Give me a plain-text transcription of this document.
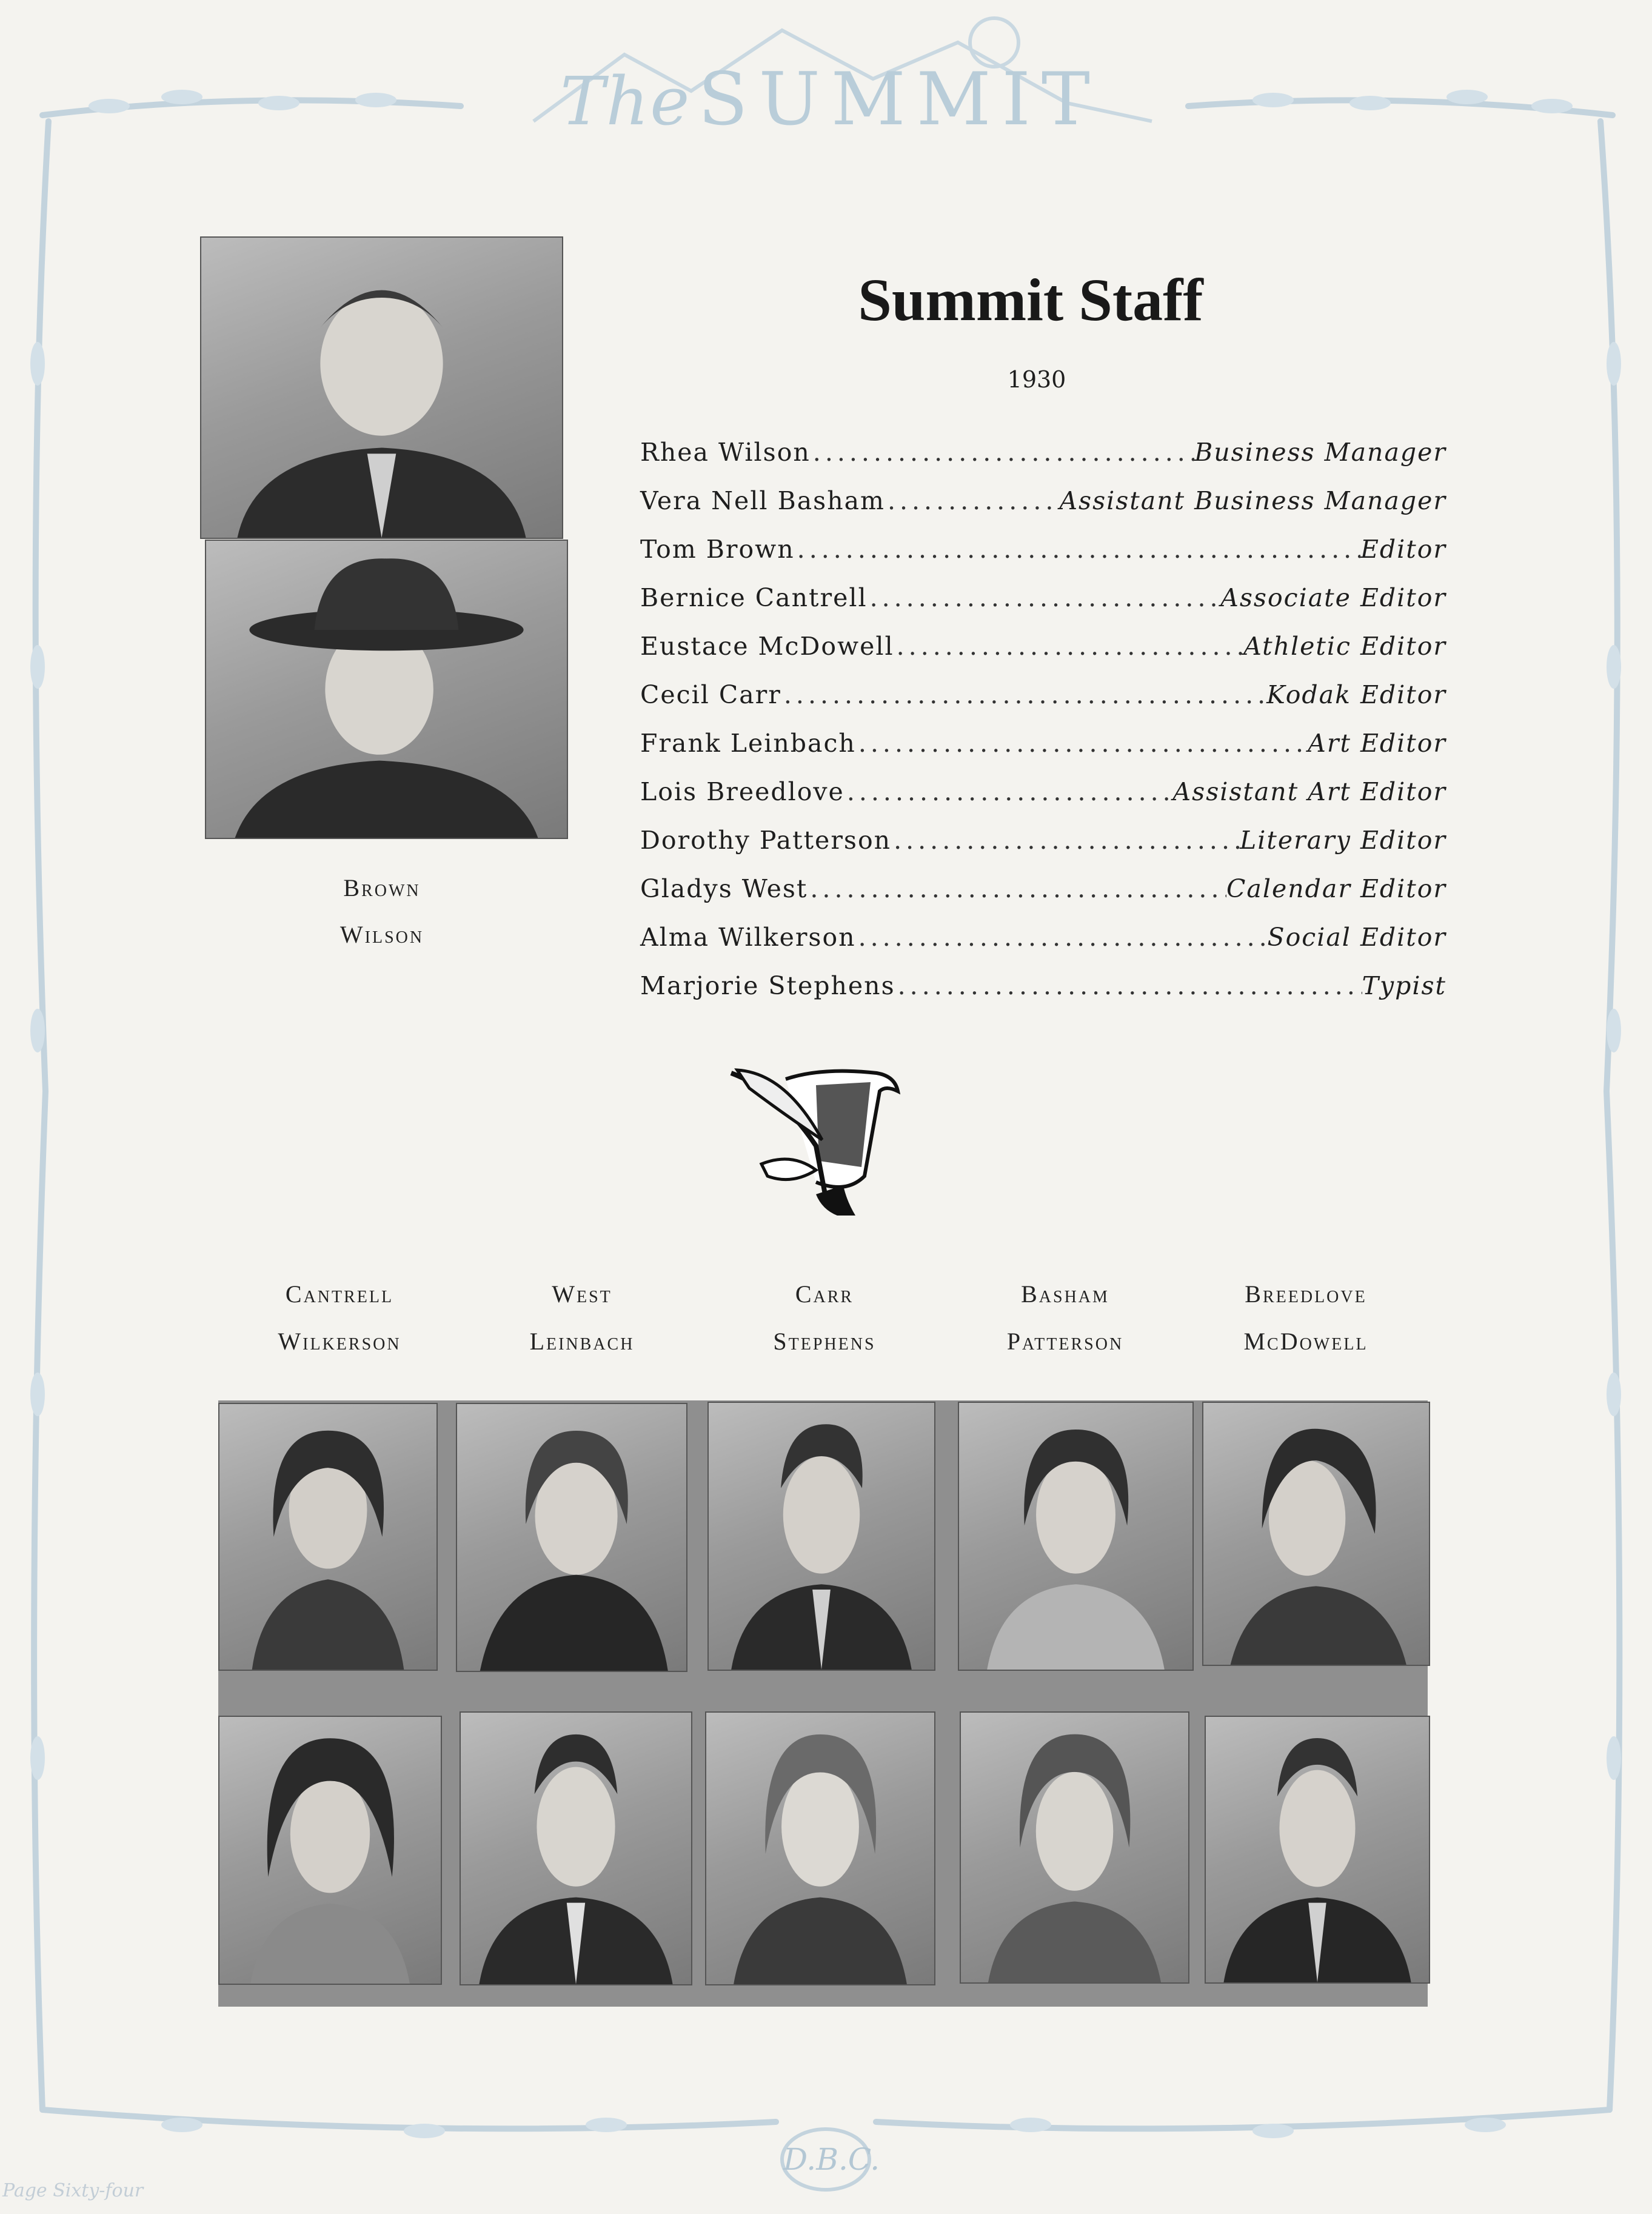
The SUMMIT
Summit Staff
1930
Rhea Wilson .....	Business Manager
Vera Nell Basham .....	Assistant Business Manager
Tom Brown .....	Editor
Bernice Cantrell .....	Associate Editor
Eustace McDowell .....	Athletic Editor
Cecil Carr .....	Kodak Editor
Frank Leinbach .....	Art Editor
Lois Breedlove .....	Assistant Art Editor
Dorothy Patterson .....	Literary Editor
Gladys West .....	Calendar Editor
Alma Wilkerson .....	Social Editor
Marjorie Stephens .....	Typist
Brown
Wilson
Cantrell
Wilkerson
West
Leinbach
Carr
Stephens
Basham
Patterson
Breedlove
McDowell
D.B.C.
Page Sixty-four
